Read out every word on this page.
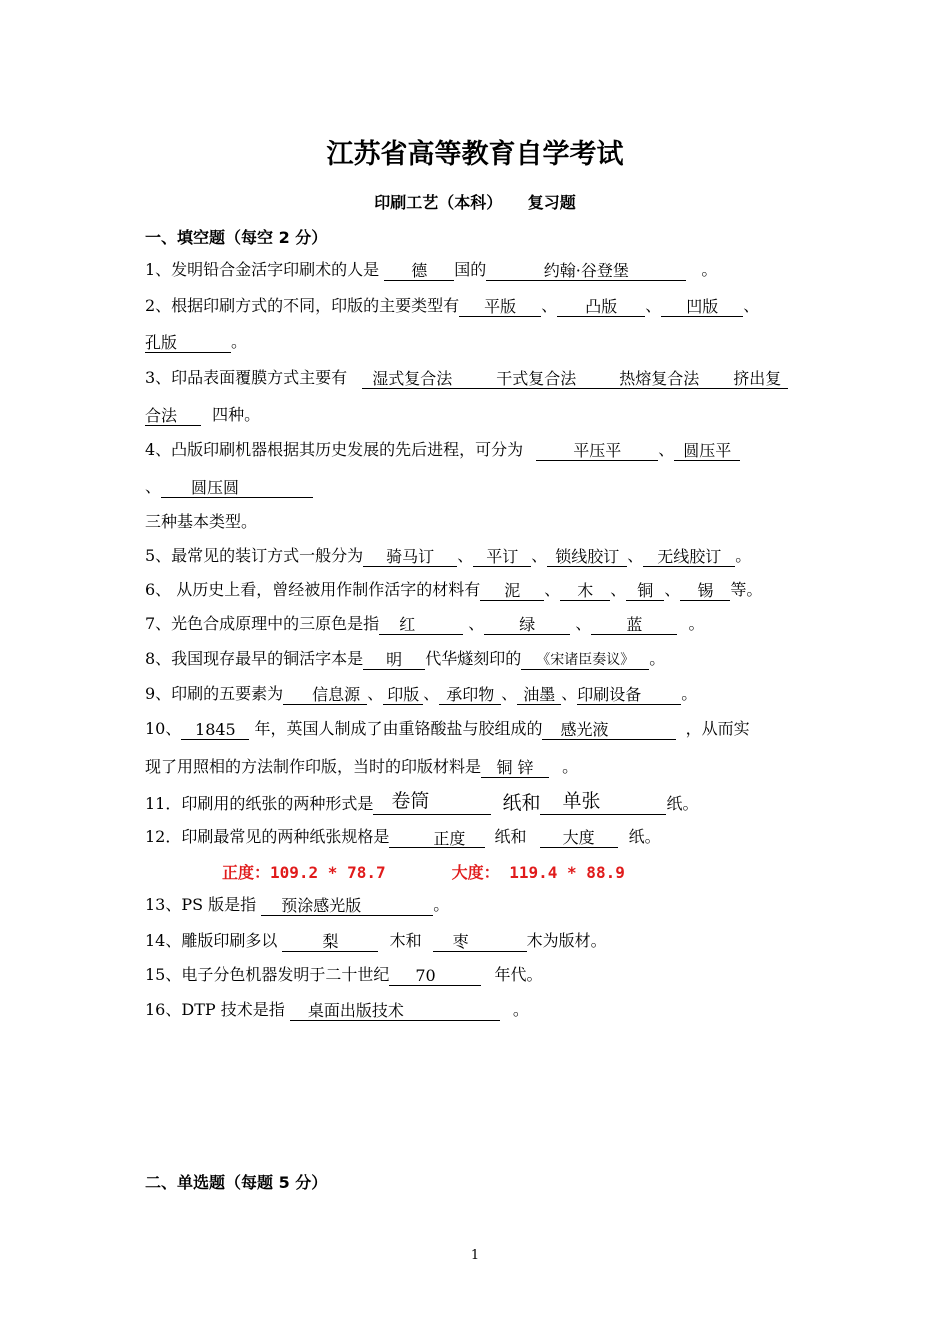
江苏省高等教育自学考试
印刷工艺（本科） 复习题
一、填空题（每空 2 分）
1、发明铅合金活字印刷术的人是 德 国的	约翰·谷登堡	。
2、根据印刷方式的不同，印版的主要类型有 平版 、 凸版 、 凹版 、
孔版	。
3、印品表面覆膜方式主要有 湿式复合法	干式复合法	热熔复合法 挤出复
合法 四种。
4、凸版印刷机器根据其历史发展的先后进程，可分为	平压平 、 圆压平
、 圆压圆
三种基本类型。
5、最常见的装订方式一般分为 骑马订 、 平订 、 锁线胶订 、 无线胶订 。
6、 从历史上看，曾经被用作制作活字的材料有 泥 、 木 、 铜 、 锡 等。
7、光色合成原理中的三原色是指 红	、 绿	、 蓝	。
8、我国现存最早的铜活字本是 明 代华燧刻印的 《宋诸臣奏议》 。
9、印刷的五要素为 信息源 、 印版 、 承印物 、 油墨 、印刷设备 。
10、 1845 年，英国人制成了由重铬酸盐与胶组成的 感光液	，从而实
现了用照相的方法制作印版，当时的印版材料是 铜 锌 。
11．印刷用的纸张的两种形式是 卷筒	纸和 单张	纸。
12．印刷最常见的两种纸张规格是	正度 纸和 大度 纸。
正度：109.2 * 78.7	大度： 119.4 * 88.9
13、PS 版是指 预涂感光版	。
14、雕版印刷多以	梨	木和 枣	木为版材。
15、电子分色机器发明于二十世纪 70	年代。
16、DTP 技术是指 桌面出版技术	。
二、单选题（每题 5 分）
1
